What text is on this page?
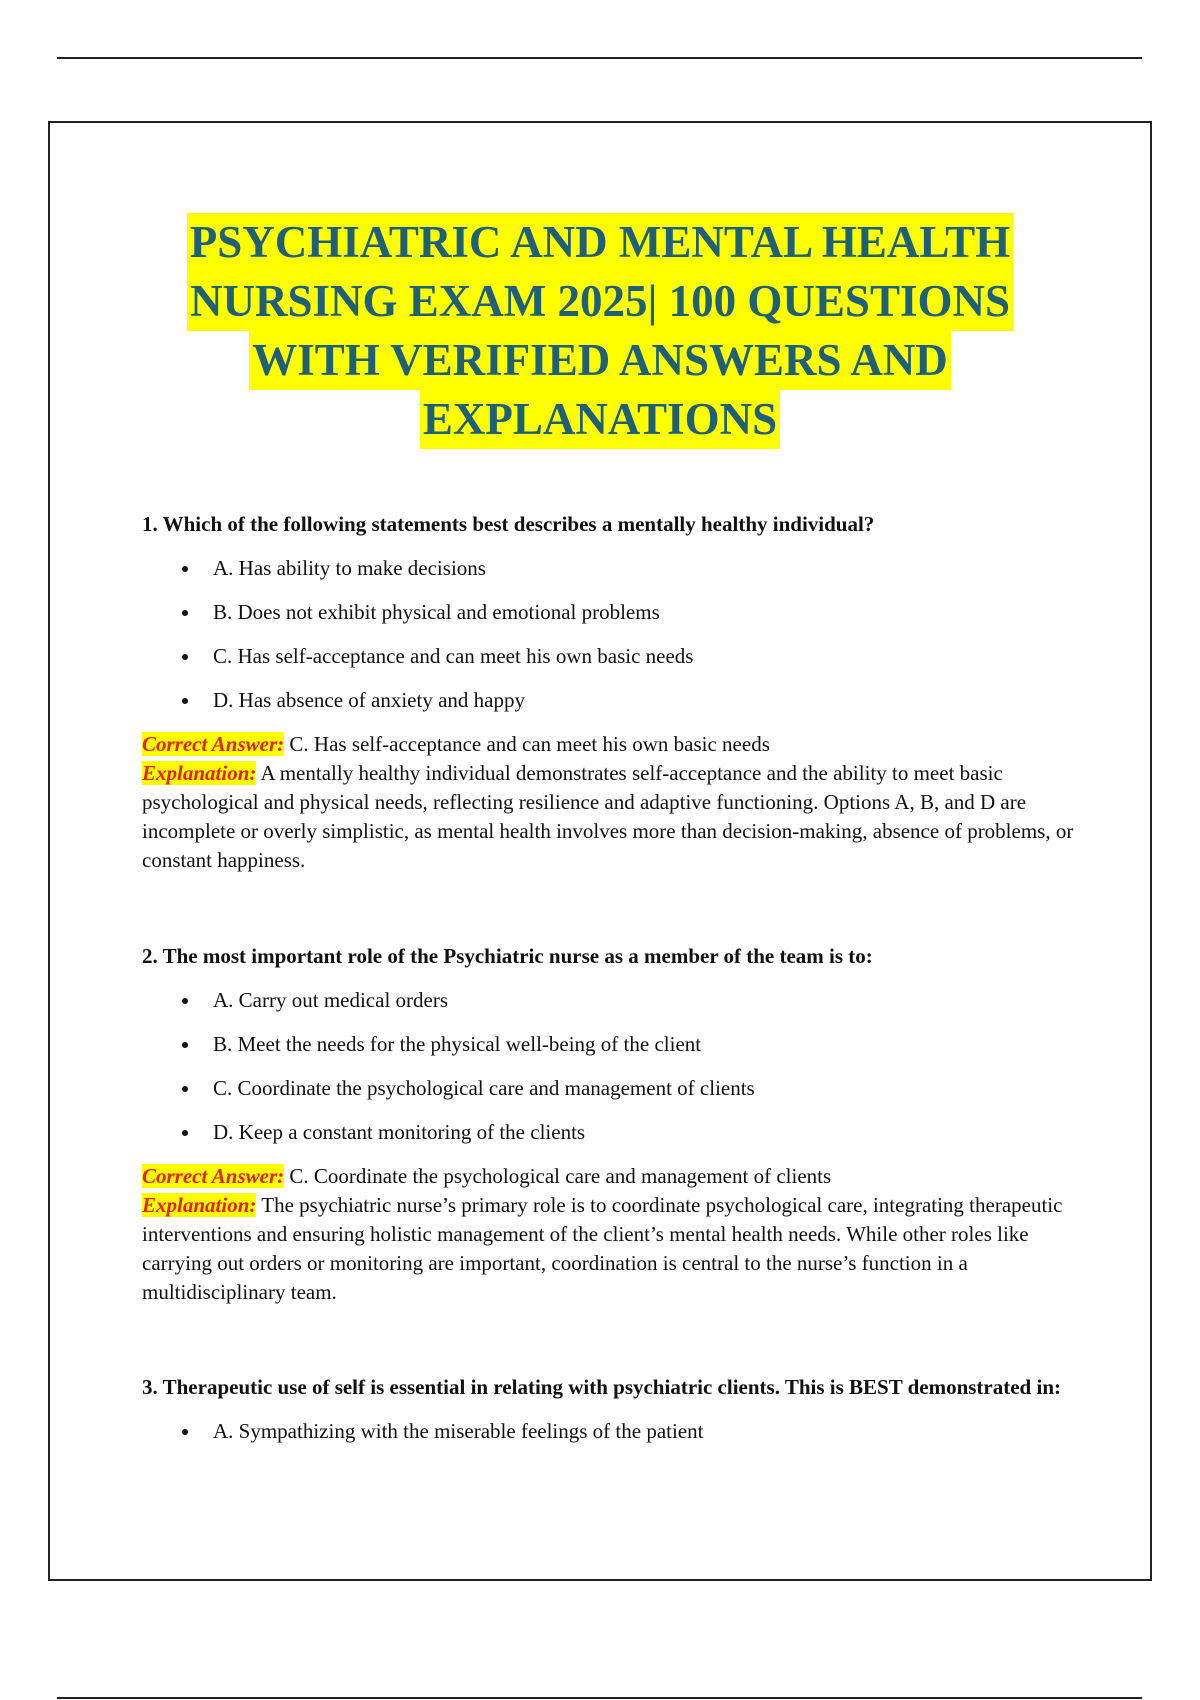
PSYCHIATRIC AND MENTAL HEALTH
NURSING EXAM 2025| 100 QUESTIONS
WITH VERIFIED ANSWERS AND
EXPLANATIONS

1. Which of the following statements best describes a mentally healthy individual?

A. Has ability to make decisions
B. Does not exhibit physical and emotional problems
C. Has self-acceptance and can meet his own basic needs
D. Has absence of anxiety and happy

Correct Answer: C. Has self-acceptance and can meet his own basic needs

Explanation: A mentally healthy individual demonstrates self-acceptance and the ability to meet basic psychological and physical needs, reflecting resilience and adaptive functioning. Options A, B, and D are incomplete or overly simplistic, as mental health involves more than decision-making, absence of problems, or constant happiness.

2. The most important role of the Psychiatric nurse as a member of the team is to:

A. Carry out medical orders
B. Meet the needs for the physical well-being of the client
C. Coordinate the psychological care and management of clients
D. Keep a constant monitoring of the clients

Correct Answer: C. Coordinate the psychological care and management of clients

Explanation: The psychiatric nurse’s primary role is to coordinate psychological care, integrating therapeutic interventions and ensuring holistic management of the client’s mental health needs. While other roles like carrying out orders or monitoring are important, coordination is central to the nurse’s function in a multidisciplinary team.

3. Therapeutic use of self is essential in relating with psychiatric clients. This is BEST demonstrated in:

A. Sympathizing with the miserable feelings of the patient
